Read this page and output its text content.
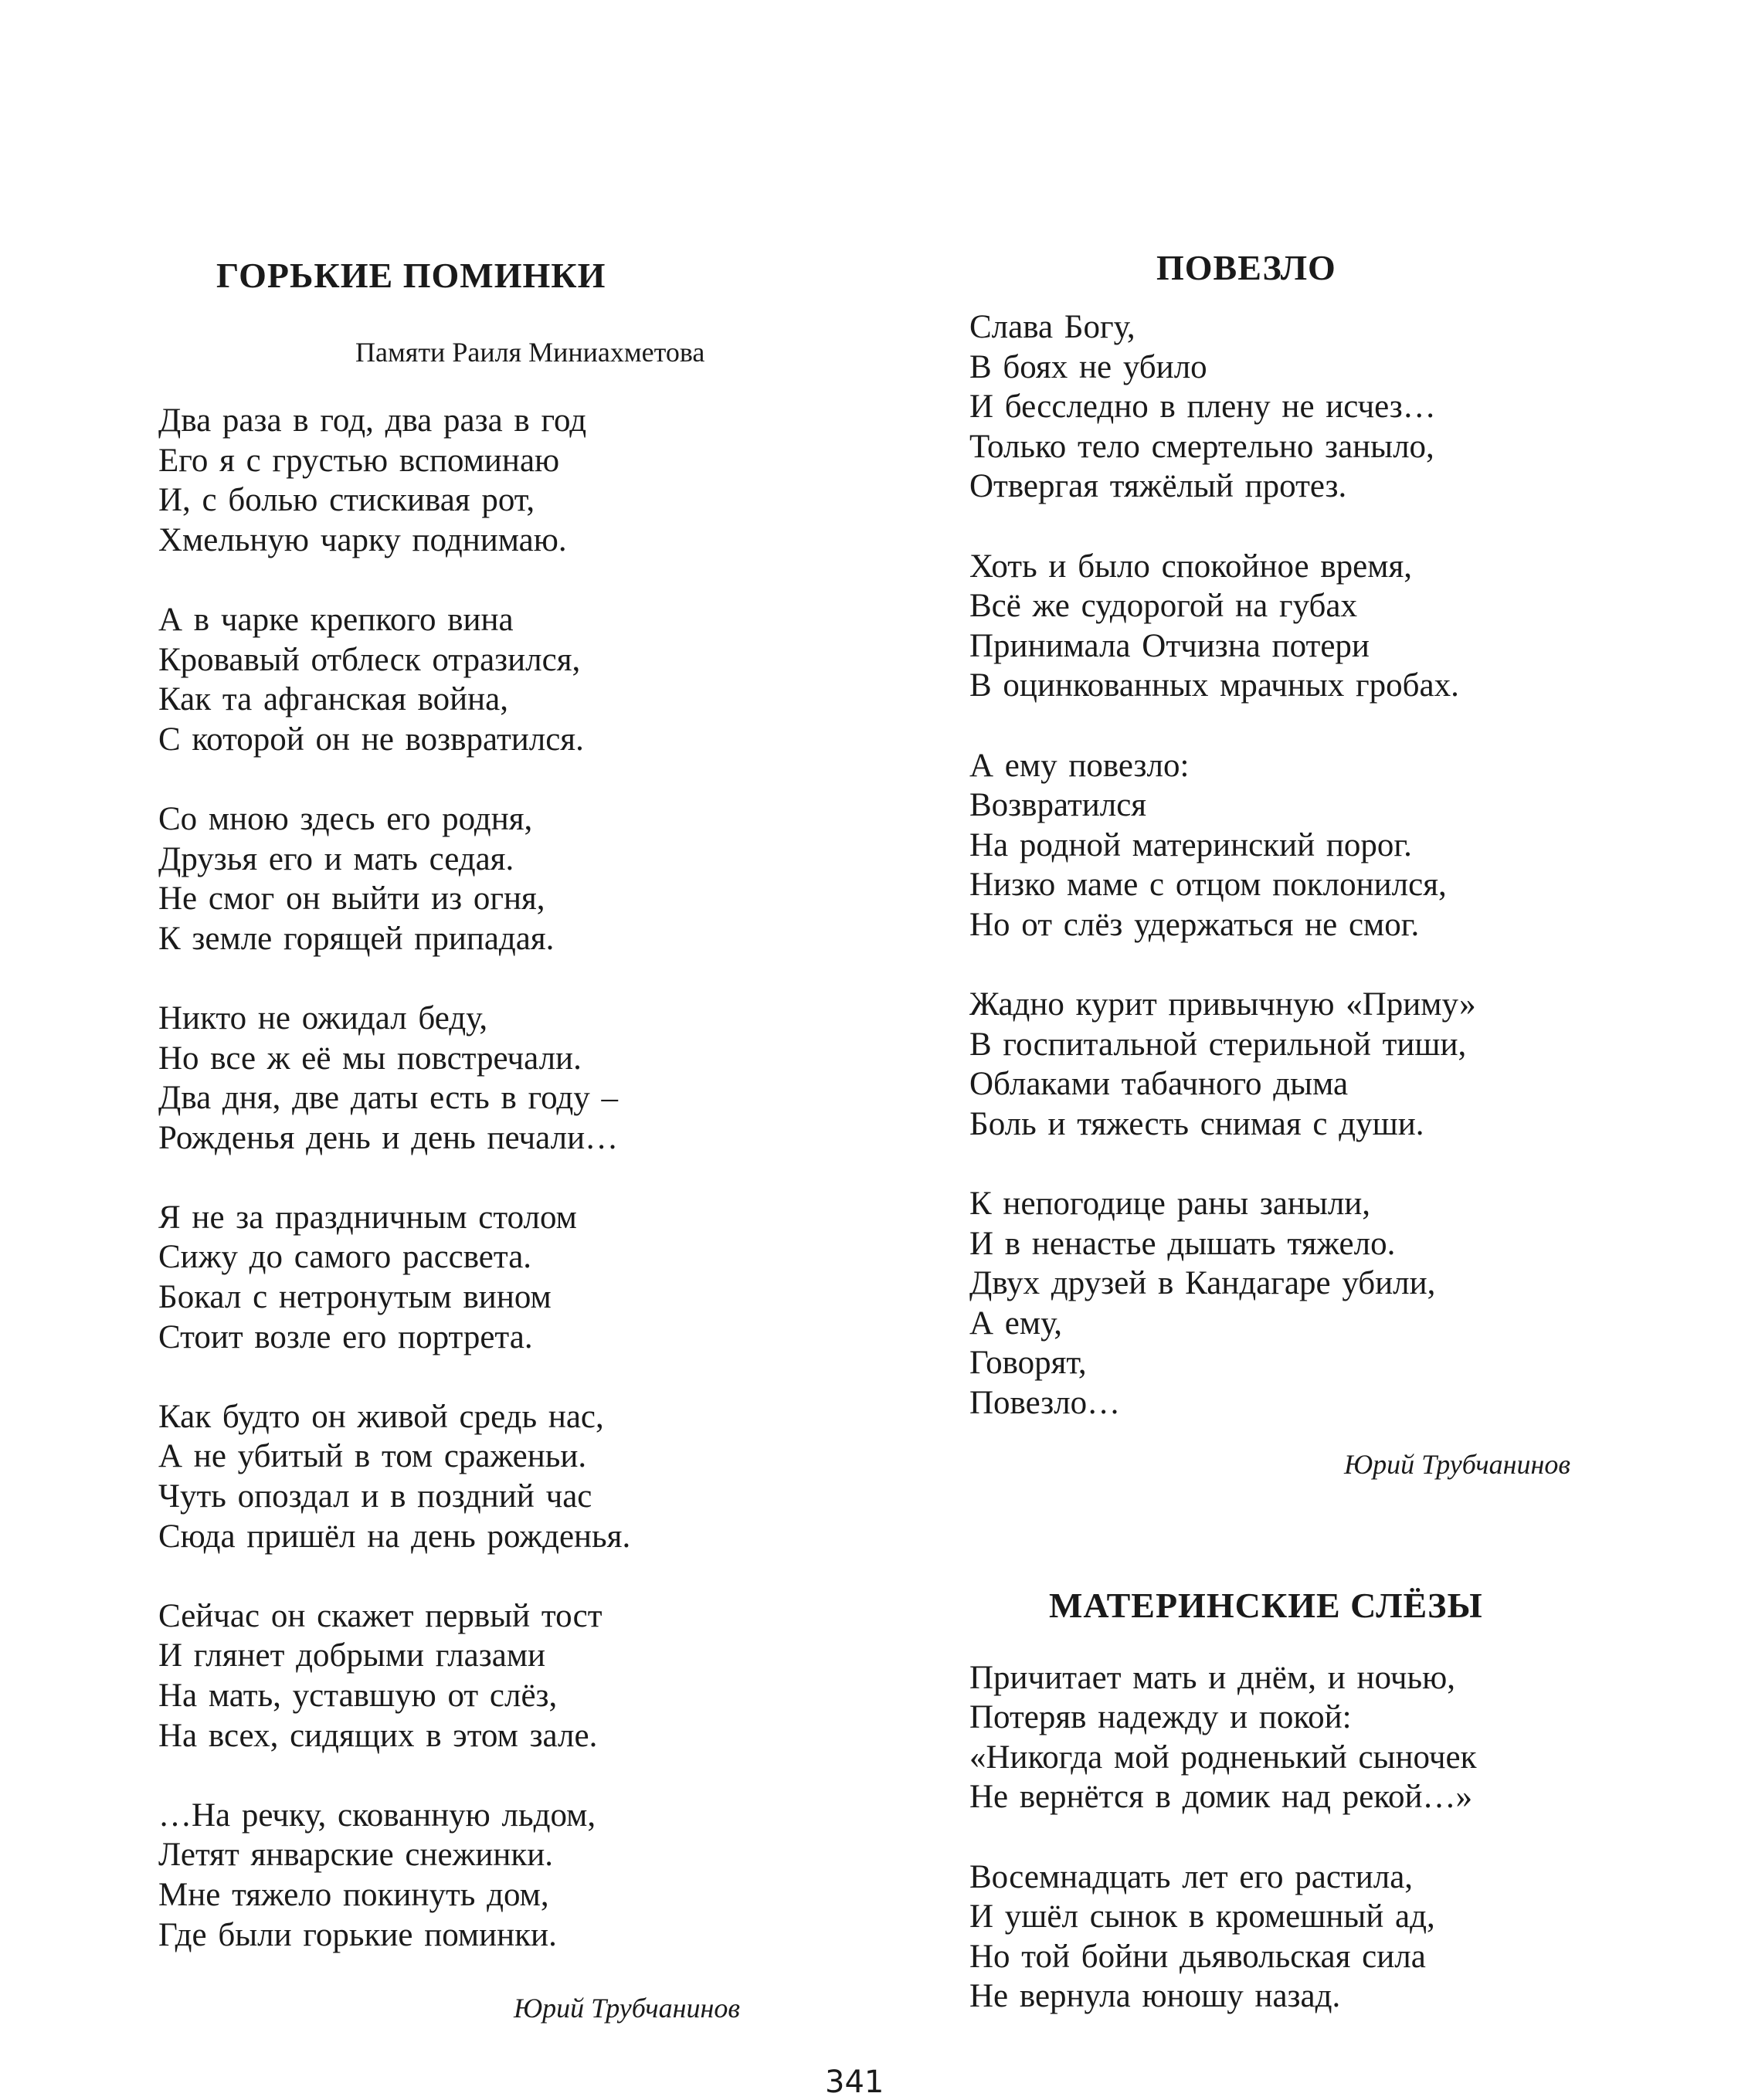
ГОРЬКИЕ ПОМИНКИ
Памяти Раиля Миниахметова
Два раза в год, два раза в год
Его я с грустью вспоминаю
И, с болью стискивая рот,
Хмельную чарку поднимаю.
А в чарке крепкого вина
Кровавый отблеск отразился,
Как та афганская война,
С которой он не возвратился.
Со мною здесь его родня,
Друзья его и мать седая.
Не смог он выйти из огня,
К земле горящей припадая.
Никто не ожидал беду,
Но все ж её мы повстречали.
Два дня, две даты есть в году –
Рожденья день и день печали…
Я не за праздничным столом
Сижу до самого рассвета.
Бокал с нетронутым вином
Стоит возле его портрета.
Как будто он живой средь нас,
А не убитый в том сраженьи.
Чуть опоздал и в поздний час
Сюда пришёл на день рожденья.
Сейчас он скажет первый тост
И глянет добрыми глазами
На мать, уставшую от слёз,
На всех, сидящих в этом зале.
…На речку, скованную льдом,
Летят январские снежинки.
Мне тяжело покинуть дом,
Где были горькие поминки.
Юрий Трубчанинов
ПОВЕЗЛО
Слава Богу,
В боях не убило
И бесследно в плену не исчез…
Только тело смертельно заныло,
Отвергая тяжёлый протез.
Хоть и было спокойное время,
Всё же судорогой на губах
Принимала Отчизна потери
В оцинкованных мрачных гробах.
А ему повезло:
Возвратился
На родной материнский порог.
Низко маме с отцом поклонился,
Но от слёз удержаться не смог.
Жадно курит привычную «Приму»
В госпитальной стерильной тиши,
Облаками табачного дыма
Боль и тяжесть снимая с души.
К непогодице раны заныли,
И в ненастье дышать тяжело.
Двух друзей в Кандагаре убили,
А ему,
Говорят,
Повезло…
Юрий Трубчанинов
МАТЕРИНСКИЕ СЛЁЗЫ
Причитает мать и днём, и ночью,
Потеряв надежду и покой:
«Никогда мой родненький сыночек
Не вернётся в домик над рекой…»
Восемнадцать лет его растила,
И ушёл сынок в кромешный ад,
Но той бойни дьявольская сила
Не вернула юношу назад.
341
